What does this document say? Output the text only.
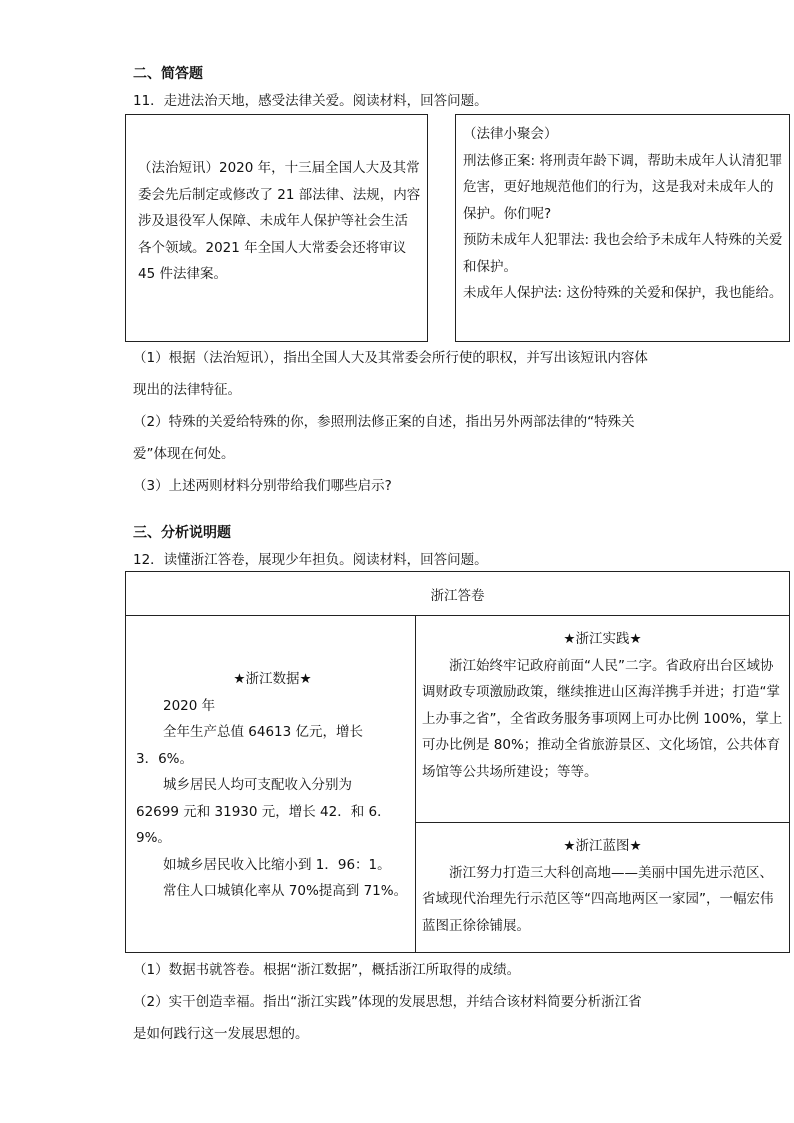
二、简答题
11．走进法治天地，感受法律关爱。阅读材料，回答问题。

（法治短讯）2020 年，十三届全国人大及其常委会先后制定或修改了 21 部法律、法规，内容涉及退役军人保障、未成年人保护等社会生活各个领域。2021 年全国人大常委会还将审议 45 件法律案。

（法律小聚会）

刑法修正案: 将刑责年龄下调，帮助未成年人认清犯罪危害，更好地规范他们的行为，这是我对未成年人的保护。你们呢?

预防未成年人犯罪法: 我也会给予未成年人特殊的关爱和保护。

未成年人保护法: 这份特殊的关爱和保护，我也能给。

（1）根据（法治短讯），指出全国人大及其常委会所行使的职权，并写出该短讯内容体
现出的法律特征。
（2）特殊的关爱给特殊的你，参照刑法修正案的自述，指出另外两部法律的“特殊关
爱”体现在何处。
（3）上述两则材料分别带给我们哪些启示?
三、分析说明题
12．读懂浙江答卷，展现少年担负。阅读材料，回答问题。
浙江答卷

★浙江数据★

2020 年

全年生产总值 64613 亿元，增长

3．6%。

城乡居民人均可支配收入分别为

62699 元和 31930 元，增长 42．和 6．9%。

如城乡居民收入比缩小到 1．96：1。

常住人口城镇化率从 70%提高到 71%。

★浙江实践★

浙江始终牢记政府前面“人民”二字。省政府出台区域协调财政专项激励政策，继续推进山区海洋携手并进；打造“掌上办事之省”，全省政务服务事项网上可办比例 100%，掌上可办比例是 80%；推动全省旅游景区、文化场馆，公共体育场馆等公共场所建设；等等。

★浙江蓝图★

浙江努力打造三大科创高地——美丽中国先进示范区、省域现代治理先行示范区等“四高地两区一家园”，一幅宏伟蓝图正徐徐铺展。

（1）数据书就答卷。根据“浙江数据”，概括浙江所取得的成绩。
（2）实干创造幸福。指出“浙江实践”体现的发展思想，并结合该材料简要分析浙江省
是如何践行这一发展思想的。
